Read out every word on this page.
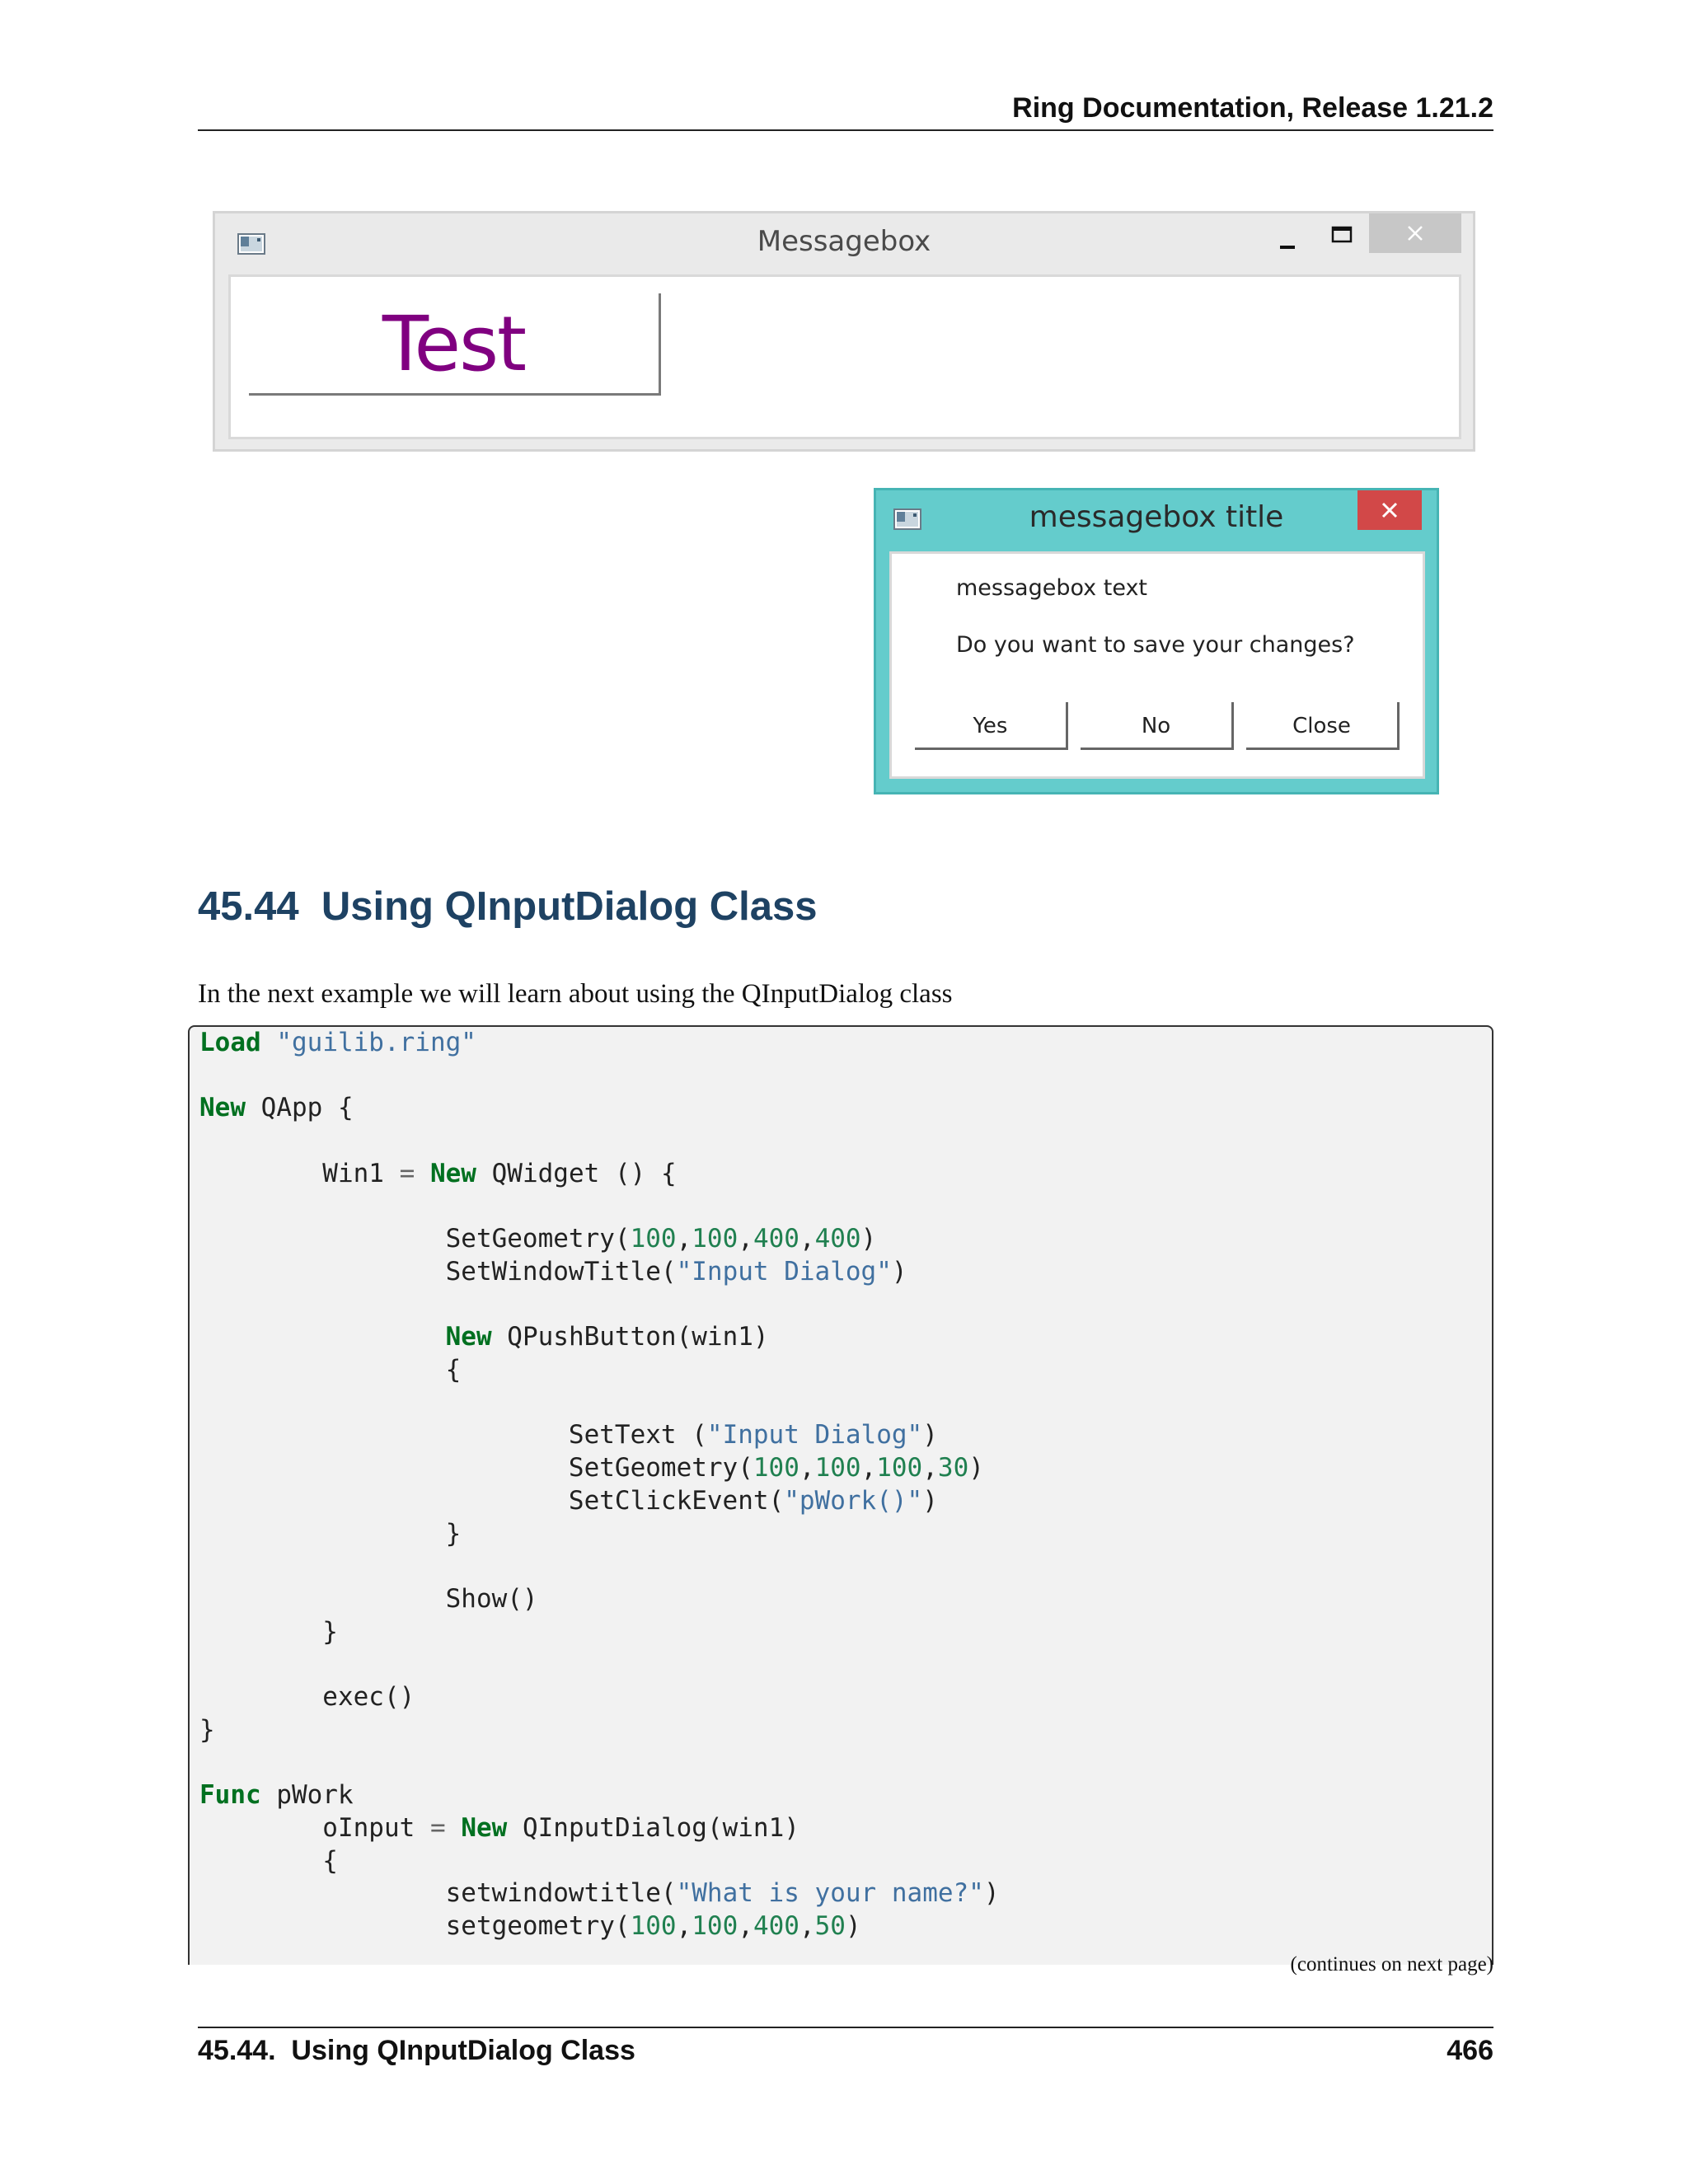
Ring Documentation, Release 1.21.2
Messagebox
Test
messagebox title
messagebox text
Do you want to save your changes?
Yes	No	Close
45.44 Using QInputDialog Class
In the next example we will learn about using the QInputDialog class
Load "guilib.ring"

New QApp {

Win1 = New QWidget () {

SetGeometry(100,100,400,400)
SetWindowTitle("Input Dialog")

New QPushButton(win1)
{

SetText ("Input Dialog")
SetGeometry(100,100,100,30)
SetClickEvent("pWork()")
}

Show()
}

exec()
}

Func pWork
oInput = New QInputDialog(win1)
{
setwindowtitle("What is your name?")
setgeometry(100,100,400,50)
(continues on next page)
45.44.  Using QInputDialog Class	466
